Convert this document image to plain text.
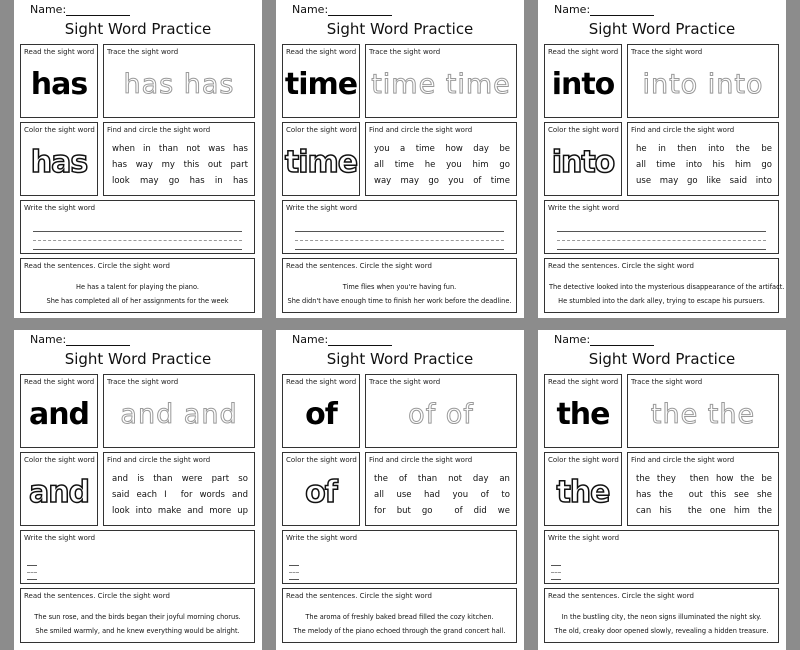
Name:
Sight Word Practice
Read the sight word
has
Trace the sight word
has has
Color the sight word
has
Find and circle the sight word
when in than not was has
has way my this out part
look may go has in has
Write the sight word
Read the sentences. Circle the sight word
He has a talent for playing the piano.
She has completed all of her assignments for the week
Name:
Sight Word Practice
Read the sight word
time
Trace the sight word
time time
Color the sight word
time
Find and circle the sight word
you a time how day be
all time he you him go
way may go you of time
Write the sight word
Read the sentences. Circle the sight word
Time flies when you're having fun.
She didn't have enough time to finish her work before the deadline.
Name:
Sight Word Practice
Read the sight word
into
Trace the sight word
into into
Color the sight word
into
Find and circle the sight word
he in then into the be
all time into his him go
use may go like said into
Write the sight word
Read the sentences. Circle the sight word
The detective looked into the mysterious disappearance of the artifact.
He stumbled into the dark alley, trying to escape his pursuers.
Name:
Sight Word Practice
Read the sight word
and
Trace the sight word
and and
Color the sight word
and
Find and circle the sight word
and is than were part so
said each I for words and
look into make and more up
Write the sight word
Read the sentences. Circle the sight word
The sun rose, and the birds began their joyful morning chorus.
She smiled warmly, and he knew everything would be alright.
Name:
Sight Word Practice
Read the sight word
of
Trace the sight word
of of
Color the sight word
of
Find and circle the sight word
the of than not day an
all use had you of to
for but go	of did we
Write the sight word
Read the sentences. Circle the sight word
The aroma of freshly baked bread filled the cozy kitchen.
The melody of the piano echoed through the grand concert hall.
Name:
Sight Word Practice
Read the sight word
the
Trace the sight word
the the
Color the sight word
the
Find and circle the sight word
the they then how the be
has the out this see she
can his the one him the
Write the sight word
Read the sentences. Circle the sight word
In the bustling city, the neon signs illuminated the night sky.
The old, creaky door opened slowly, revealing a hidden treasure.
